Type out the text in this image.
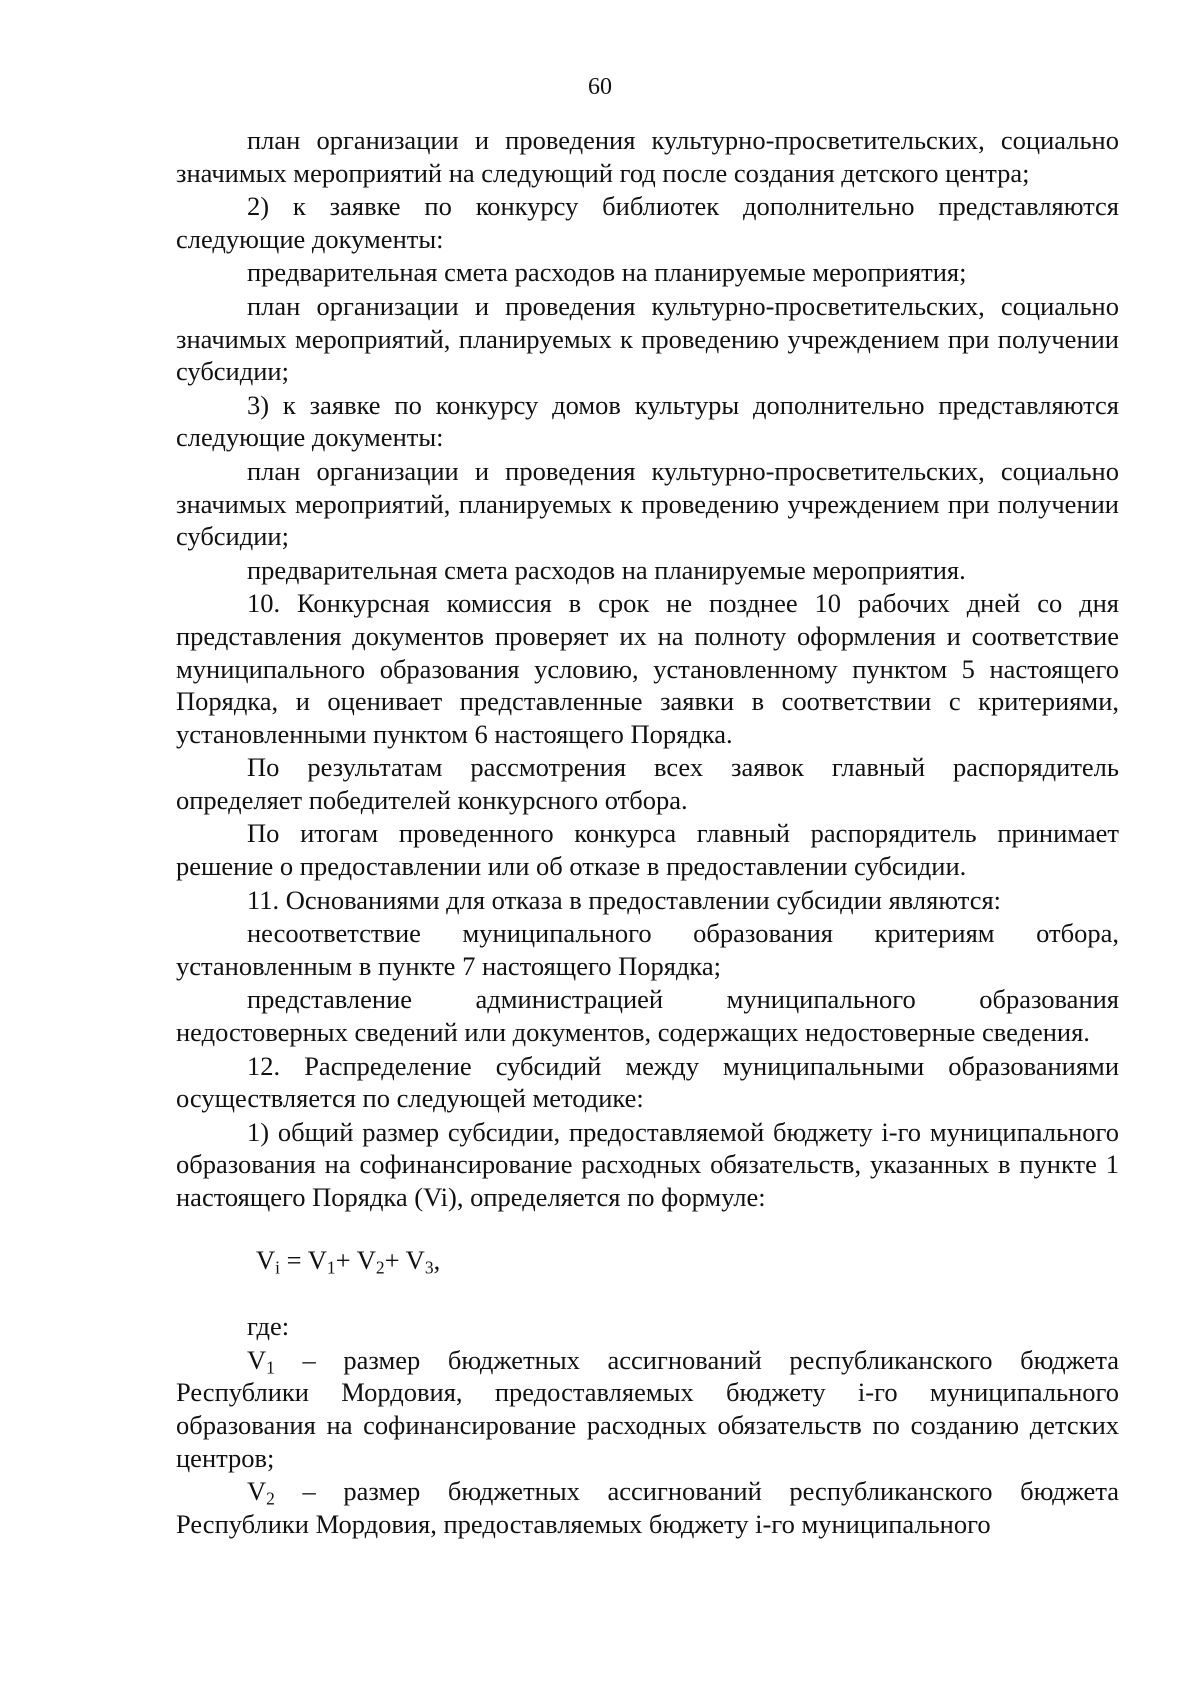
60

план организации и проведения культурно-просветительских, социально значимых мероприятий на следующий год после создания детского центра;

2) к заявке по конкурсу библиотек дополнительно представляются следующие документы:

предварительная смета расходов на планируемые мероприятия;

план организации и проведения культурно-просветительских, социально значимых мероприятий, планируемых к проведению учреждением при получении субсидии;

3) к заявке по конкурсу домов культуры дополнительно представляются следующие документы:

план организации и проведения культурно-просветительских, социально значимых мероприятий, планируемых к проведению учреждением при получении субсидии;

предварительная смета расходов на планируемые мероприятия.

10. Конкурсная комиссия в срок не позднее 10 рабочих дней со дня представления документов проверяет их на полноту оформления и соответствие муниципального образования условию, установленному пунктом 5 настоящего Порядка, и оценивает представленные заявки в соответствии с критериями, установленными пунктом 6 настоящего Порядка.

По результатам рассмотрения всех заявок главный распорядитель определяет победителей конкурсного отбора.

По итогам проведенного конкурса главный распорядитель принимает решение о предоставлении или об отказе в предоставлении субсидии.

11. Основаниями для отказа в предоставлении субсидии являются:

несоответствие муниципального образования критериям отбора, установленным в пункте 7 настоящего Порядка;

представление администрацией муниципального образования недостоверных сведений или документов, содержащих недостоверные сведения.

12. Распределение субсидий между муниципальными образованиями осуществляется по следующей методике:

1) общий размер субсидии, предоставляемой бюджету i-го муниципального образования на софинансирование расходных обязательств, указанных в пункте 1 настоящего Порядка (Vi), определяется по формуле:

$V_i = V_1+ V_2+ V_3$,

где:

$V_1$ – размер бюджетных ассигнований республиканского бюджета Республики Мордовия, предоставляемых бюджету i-го муниципального образования на софинансирование расходных обязательств по созданию детских центров;

$V_2$ – размер бюджетных ассигнований республиканского бюджета Республики Мордовия, предоставляемых бюджету i-го муниципального
